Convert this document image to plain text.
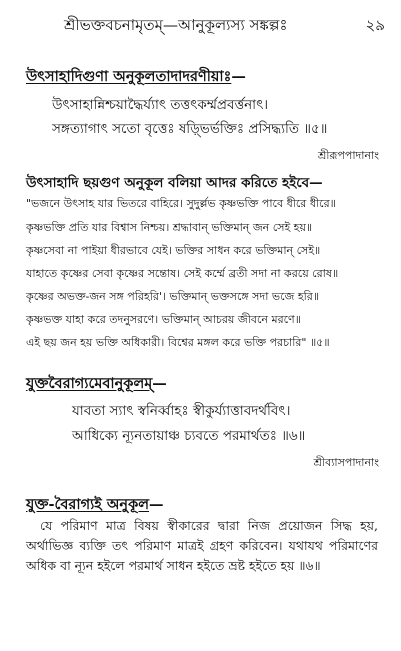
শ্রীভক্তবচনামৃতম্—আনুকূল্যস্য সঙ্কল্পঃ	২৯
উৎসাহাদিগুণা অনুকূলতাদাদরণীয়াঃ—
উৎসাহান্নিশ্চয়াদ্ধৈর্য্যাৎ তত্তৎকর্ম্মপ্রবর্ত্তনাৎ।
সঙ্গত্যাগাৎ সতো বৃত্তেঃ ষড়্ভির্ভক্তিঃ প্রসিদ্ধ্যতি ॥৫॥
শ্রীরূপপাদানাং
উৎসাহাদি ছয়গুণ অনুকূল বলিয়া আদর করিতে হইবে—
"ভজনে উৎসাহ যার ভিতরে বাহিরে। সুদুর্ল্লভ কৃষ্ণভক্তি পাবে ধীরে ধীরে॥
কৃষ্ণভক্তি প্রতি যার বিশ্বাস নিশ্চয়। শ্রদ্ধাবান্ ভক্তিমান্ জন সেই হয়॥
কৃষ্ণসেবা না পাইয়া ধীরভাবে যেই। ভক্তির সাধন করে ভক্তিমান্ সেই॥
যাহাতে কৃষ্ণের সেবা কৃষ্ণের সন্তোষ। সেই কর্ম্মে ব্রতী সদা না করয়ে রোষ॥
কৃষ্ণের অভক্ত-জন সঙ্গ পরিহরি'। ভক্তিমান্ ভক্তসঙ্গে সদা ভজে হরি॥
কৃষ্ণভক্ত যাহা করে তদনুসরণে। ভক্তিমান্ আচরয় জীবনে মরণে॥
এই ছয় জন হয় ভক্তি অধিকারী। বিশ্বের মঙ্গল করে ভক্তি পরচারি" ॥৫॥
যুক্তবৈরাগ্যমেবানুকূলম্—
যাবতা স্যাৎ স্বনির্ব্বাহঃ স্বীকুর্য্যাত্তাবদর্থবিৎ।
আধিক্যে ন্যূনতায়াঞ্চ চ্যবতে পরমার্থতঃ ॥৬॥
শ্রীব্যাসপাদানাং
যুক্ত-বৈরাগ্যই অনুকূল—
যে পরিমাণ মাত্র বিষয় স্বীকারের দ্বারা নিজ প্রয়োজন সিদ্ধ হয়, অর্থাভিজ্ঞ ব্যক্তি তৎ পরিমাণ মাত্রই গ্রহণ করিবেন। যথাযথ পরিমাণের অধিক বা ন্যূন হইলে পরমার্থ সাধন হইতে ভ্রষ্ট হইতে হয় ॥৬॥
